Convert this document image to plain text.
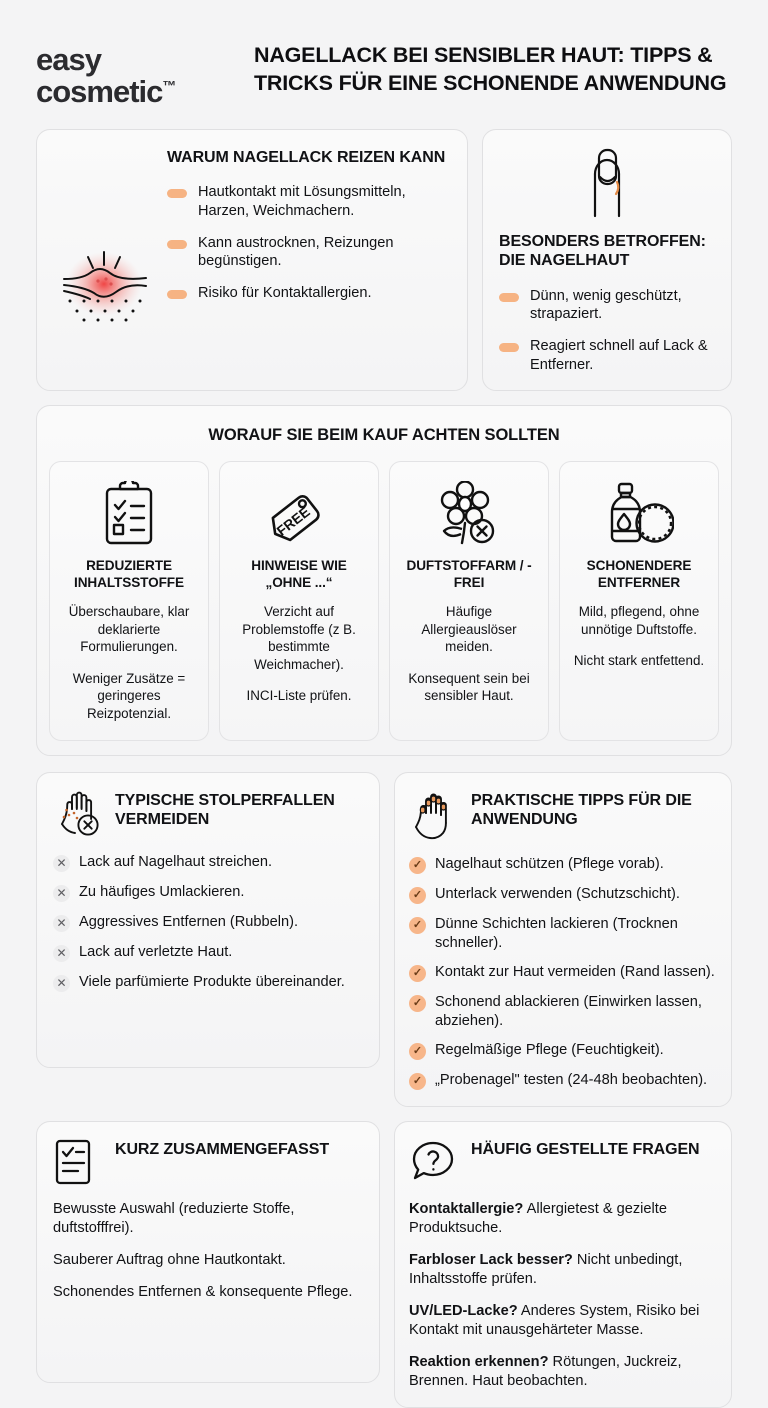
easy
cosmetic™
NAGELLACK BEI SENSIBLER HAUT: TIPPS & TRICKS FÜR EINE SCHONENDE ANWENDUNG
WARUM NAGELLACK REIZEN KANN
Hautkontakt mit Lösungsmitteln, Harzen, Weichmachern.
Kann austrocknen, Reizungen begünstigen.
Risiko für Kontaktallergien.
BESONDERS BETROFFEN: DIE NAGELHAUT
Dünn, wenig geschützt, strapaziert.
Reagiert schnell auf Lack & Entferner.
WORAUF SIE BEIM KAUF ACHTEN SOLLTEN
REDUZIERTE INHALTSSTOFFE

Überschaubare, klar deklarierte Formulierungen.

Weniger Zusätze = geringeres Reizpotenzial.

FREE
HINWEISE WIE „OHNE ...“

Verzicht auf Problemstoffe (z B. bestimmte Weichmacher).

INCI-Liste prüfen.

DUFTSTOFFARM / -FREI

Häufige Allergieauslöser meiden.

Konsequent sein bei sensibler Haut.

SCHONENDERE ENTFERNER

Mild, pflegend, ohne unnötige Duftstoffe.

Nicht stark entfettend.

TYPISCHE STOLPERFALLEN VERMEIDEN
✕ Lack auf Nagelhaut streichen.
✕ Zu häufiges Umlackieren.
✕ Aggressives Entfernen (Rubbeln).
✕ Lack auf verletzte Haut.
✕ Viele parfümierte Produkte übereinander.
PRAKTISCHE TIPPS FÜR DIE ANWENDUNG
✓ Nagelhaut schützen (Pflege vorab).
✓ Unterlack verwenden (Schutzschicht).
✓ Dünne Schichten lackieren (Trocknen schneller).
✓ Kontakt zur Haut vermeiden (Rand lassen).
✓ Schonend ablackieren (Einwirken lassen, abziehen).
✓ Regelmäßige Pflege (Feuchtigkeit).
✓ „Probenagel" testen (24-48h beobachten).
KURZ ZUSAMMENGEFASST

Bewusste Auswahl (reduzierte Stoffe, duftstofffrei).

Sauberer Auftrag ohne Hautkontakt.

Schonendes Entfernen & konsequente Pflege.

HÄUFIG GESTELLTE FRAGEN

Kontaktallergie? Allergietest & gezielte Produktsuche.

Farbloser Lack besser? Nicht unbedingt, Inhaltsstoffe prüfen.

UV/LED-Lacke? Anderes System, Risiko bei Kontakt mit unausgehärteter Masse.

Reaktion erkennen? Rötungen, Juckreiz, Brennen. Haut beobachten.
